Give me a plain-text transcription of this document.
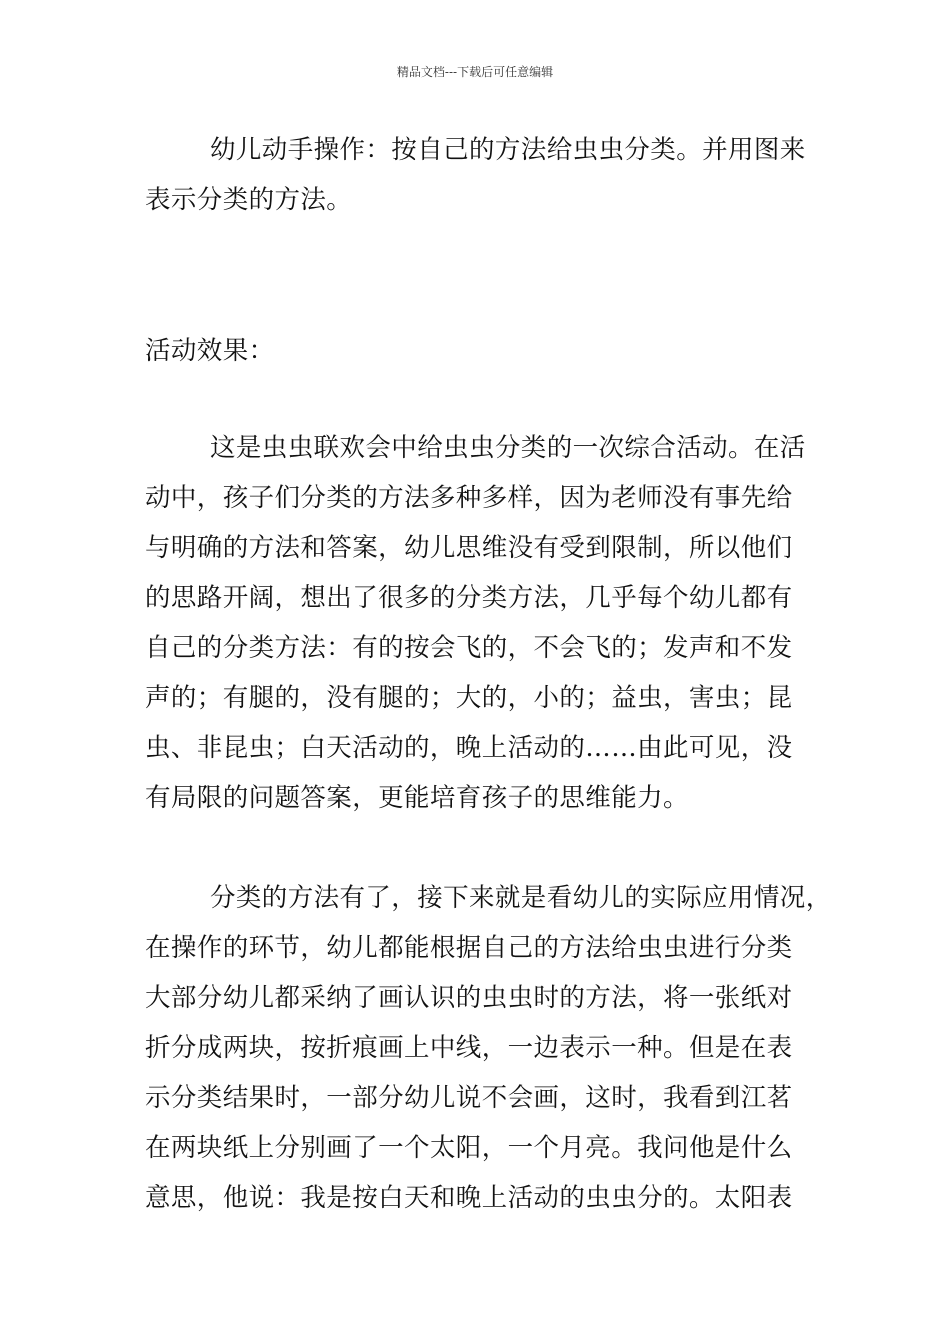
精品文档---下载后可任意编辑
幼儿动手操作：按自己的方法给虫虫分类。并用图来
表示分类的方法。
活动效果：
这是虫虫联欢会中给虫虫分类的一次综合活动。在活
动中，孩子们分类的方法多种多样，因为老师没有事先给
与明确的方法和答案，幼儿思维没有受到限制，所以他们
的思路开阔，想出了很多的分类方法，几乎每个幼儿都有
自己的分类方法：有的按会飞的，不会飞的；发声和不发
声的；有腿的，没有腿的；大的，小的；益虫，害虫；昆
虫、非昆虫；白天活动的，晚上活动的……由此可见，没
有局限的问题答案，更能培育孩子的思维能力。
分类的方法有了，接下来就是看幼儿的实际应用情况，
在操作的环节，幼儿都能根据自己的方法给虫虫进行分类
大部分幼儿都采纳了画认识的虫虫时的方法，将一张纸对
折分成两块，按折痕画上中线，一边表示一种。但是在表
示分类结果时，一部分幼儿说不会画，这时，我看到江茗
在两块纸上分别画了一个太阳，一个月亮。我问他是什么
意思，他说：我是按白天和晚上活动的虫虫分的。太阳表
